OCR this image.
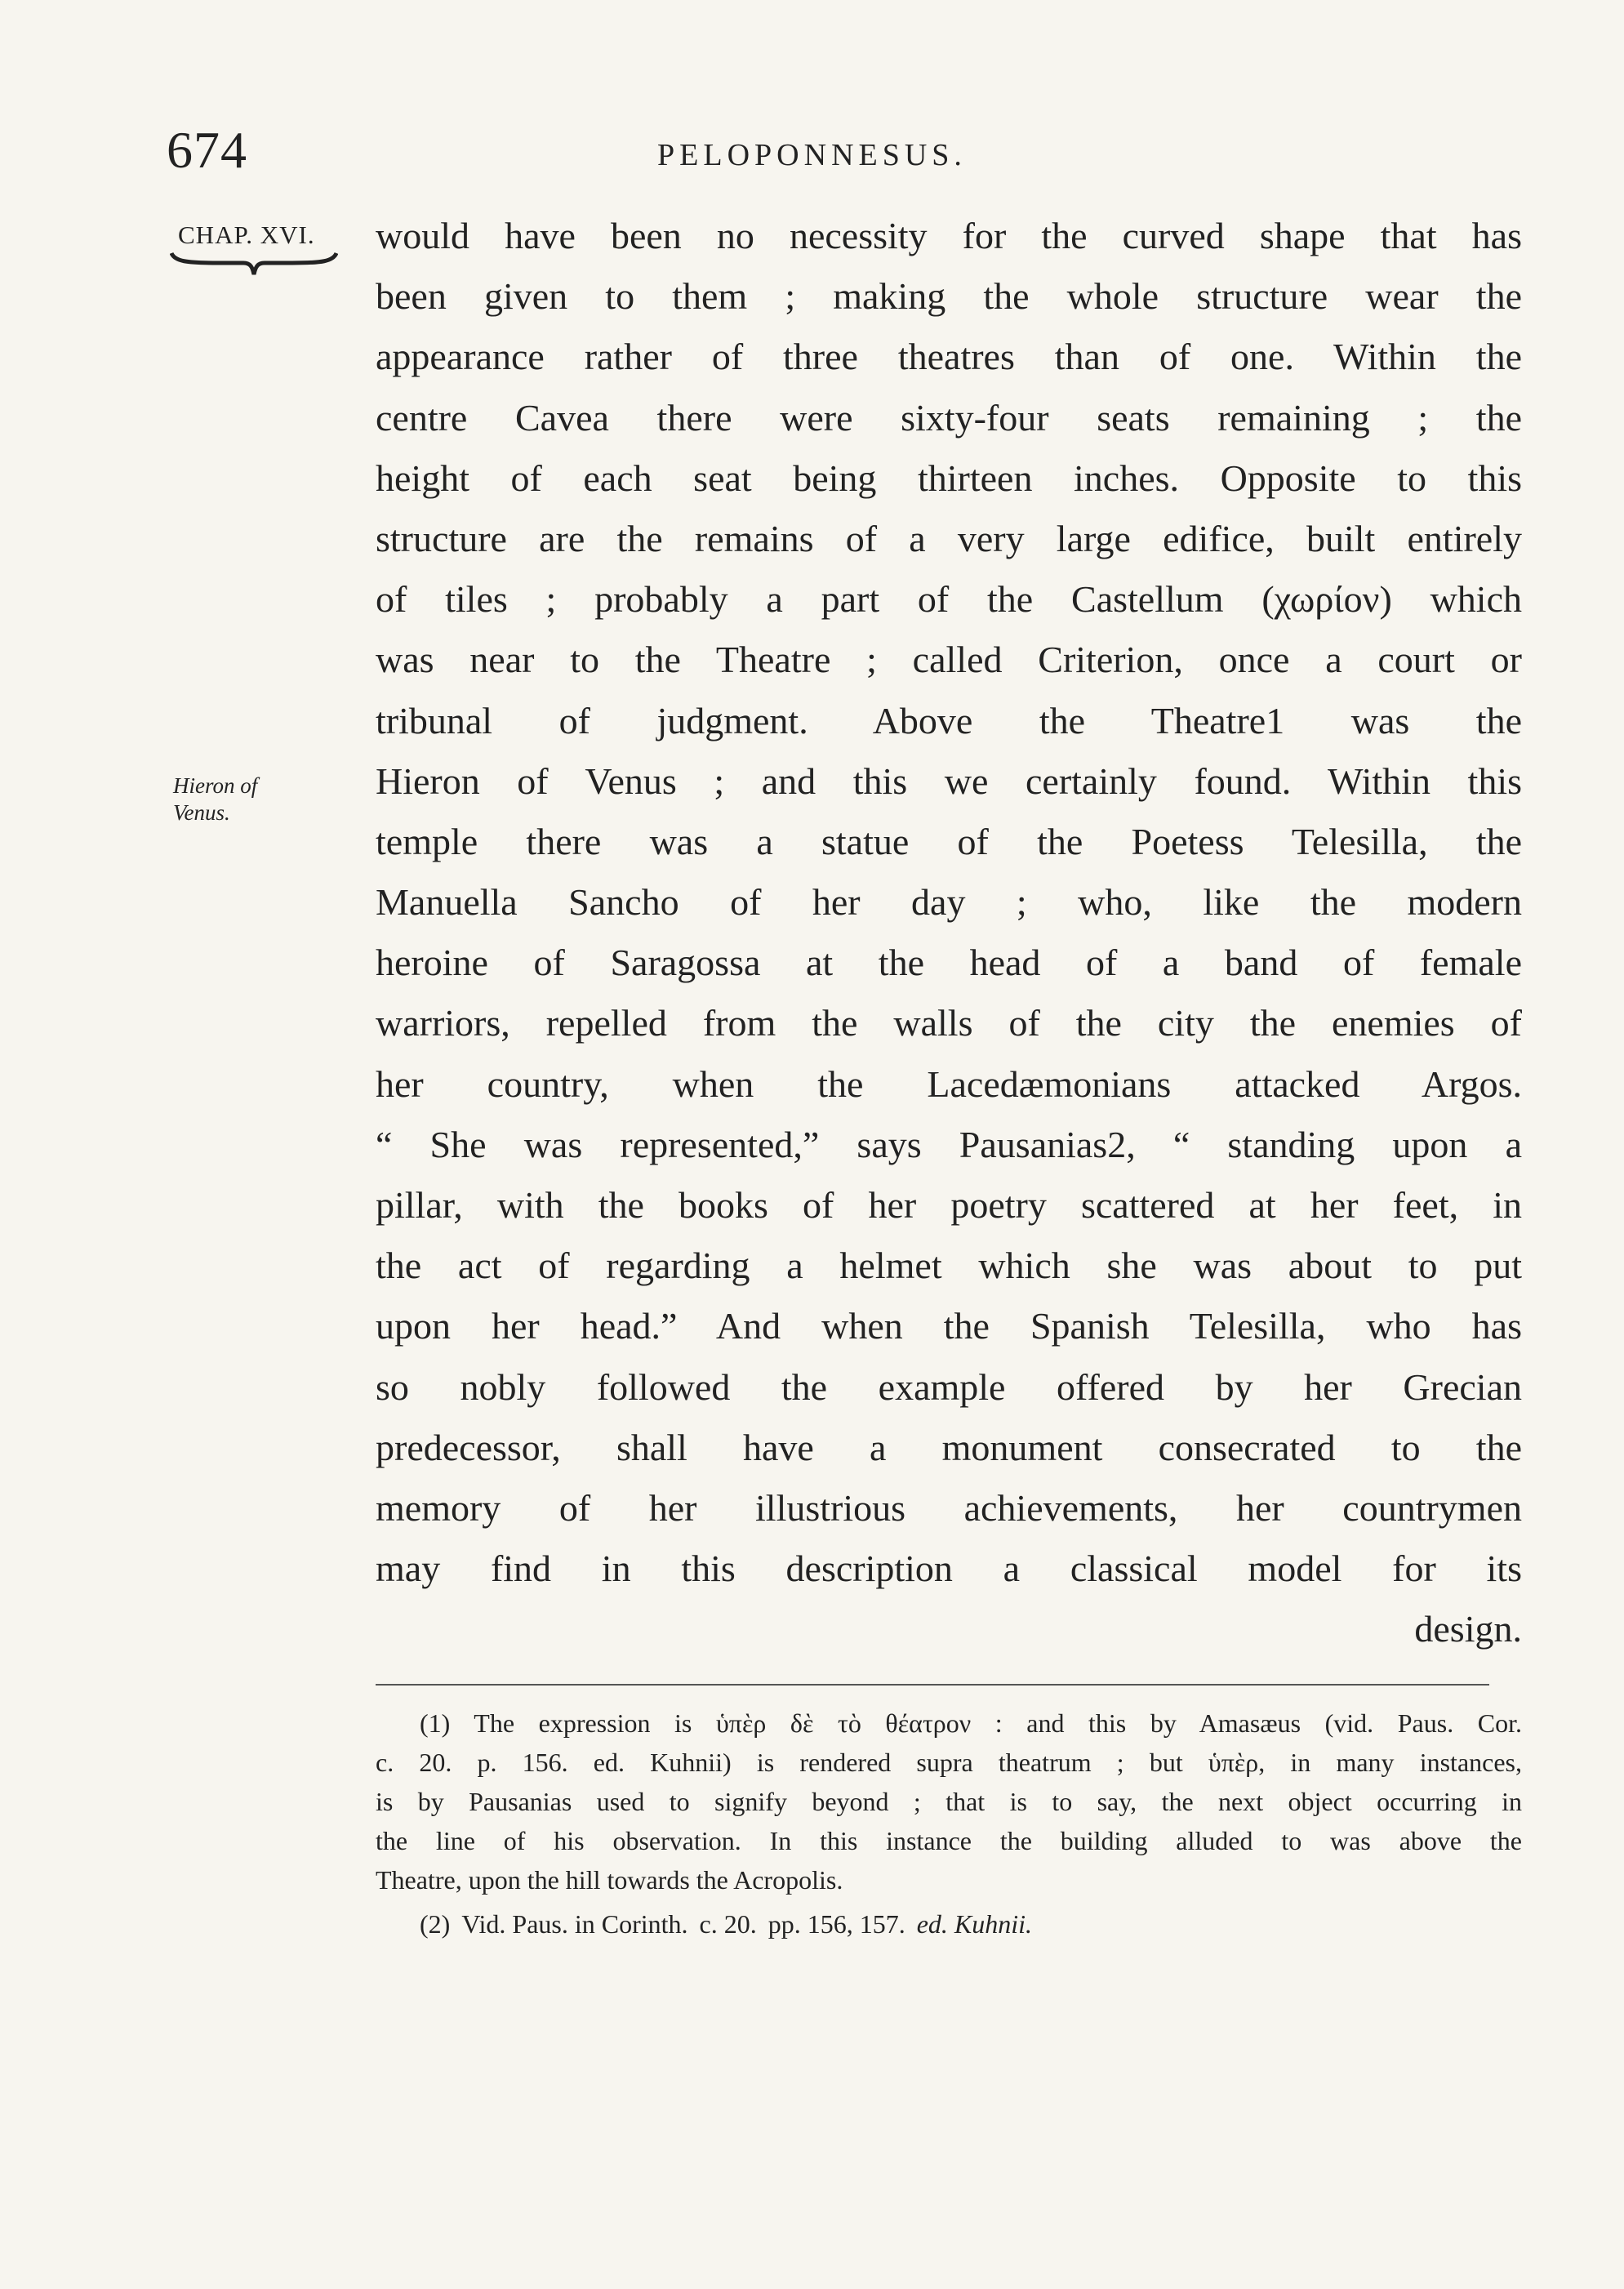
674	PELOPONNESUS.
CHAP. XVI.
Hieron of
Venus.
would have been no necessity for the curved shape that has
been given to them ; making the whole structure wear the
appearance rather of three theatres than of one. Within the
centre Cavea there were sixty-four seats remaining ; the
height of each seat being thirteen inches. Opposite to this
structure are the remains of a very large edifice, built entirely
of tiles ; probably a part of the Castellum (χωρίον) which
was near to the Theatre ; called Criterion, once a court or
tribunal of judgment. Above the Theatre1 was the
Hieron of Venus ; and this we certainly found. Within this
temple there was a statue of the Poetess Telesilla, the
Manuella Sancho of her day ; who, like the modern
heroine of Saragossa at the head of a band of female
warriors, repelled from the walls of the city the enemies of
her country, when the Lacedæmonians attacked Argos.
“ She was represented,” says Pausanias2, “ standing upon a
pillar, with the books of her poetry scattered at her feet, in
the act of regarding a helmet which she was about to put
upon her head.” And when the Spanish Telesilla, who has
so nobly followed the example offered by her Grecian
predecessor, shall have a monument consecrated to the
memory of her illustrious achievements, her countrymen
may find in this description a classical model for its
design.
(1) The expression is ὑπὲρ δὲ τὸ θέατρον : and this by Amasæus (vid. Paus. Cor.
c. 20. p. 156. ed. Kuhnii) is rendered supra theatrum ; but ὑπὲρ, in many instances,
is by Pausanias used to signify beyond ; that is to say, the next object occurring in
the line of his observation. In this instance the building alluded to was above the
Theatre, upon the hill towards the Acropolis.
(2) Vid. Paus. in Corinth. c. 20. pp. 156, 157. ed. Kuhnii.
